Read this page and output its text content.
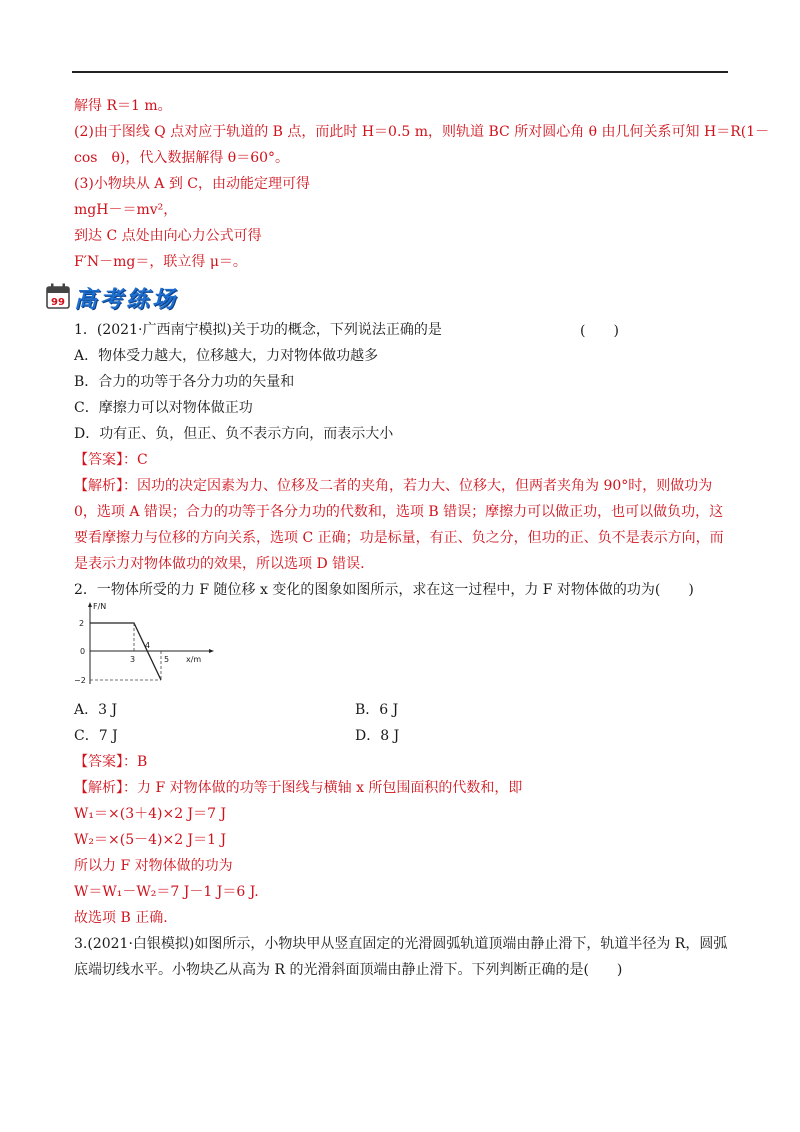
解得 R＝1 m。
(2)由于图线 Q 点对应于轨道的 B 点，而此时 H＝0.5 m，则轨道 BC 所对圆心角 θ 由几何关系可知 H＝R(1－
cos　θ)，代入数据解得 θ＝60°。
(3)小物块从 A 到 C，由动能定理可得
mgH－＝mv²，
到达 C 点处由向心力公式可得
F′N－mg＝，联立得 μ＝。
99 高考练场
1．(2021·广西南宁模拟)关于功的概念，下列说法正确的是	(　　)
A．物体受力越大，位移越大，力对物体做功越多
B．合力的功等于各分力功的矢量和
C．摩擦力可以对物体做正功
D．功有正、负，但正、负不表示方向，而表示大小
【答案】：C
【解析】：因功的决定因素为力、位移及二者的夹角，若力大、位移大，但两者夹角为 90°时，则做功为
0，选项 A 错误；合力的功等于各分力功的代数和，选项 B 错误；摩擦力可以做正功，也可以做负功，这
要看摩擦力与位移的方向关系，选项 C 正确；功是标量，有正、负之分，但功的正、负不是表示方向，而
是表示力对物体做功的效果，所以选项 D 错误.
2．一物体所受的力 F 随位移 x 变化的图象如图所示，求在这一过程中，力 F 对物体做的功为(　　)
F/N
x/m
2
0
−2
3
4
5
A．3 J	B．6 J
C．7 J	D．8 J
【答案】：B
【解析】：力 F 对物体做的功等于图线与横轴 x 所包围面积的代数和，即
W₁＝×(3＋4)×2 J＝7 J
W₂＝×(5－4)×2 J＝1 J
所以力 F 对物体做的功为
W＝W₁－W₂＝7 J－1 J＝6 J.
故选项 B 正确.
3.(2021·白银模拟)如图所示，小物块甲从竖直固定的光滑圆弧轨道顶端由静止滑下，轨道半径为 R，圆弧
底端切线水平。小物块乙从高为 R 的光滑斜面顶端由静止滑下。下列判断正确的是(　　)
